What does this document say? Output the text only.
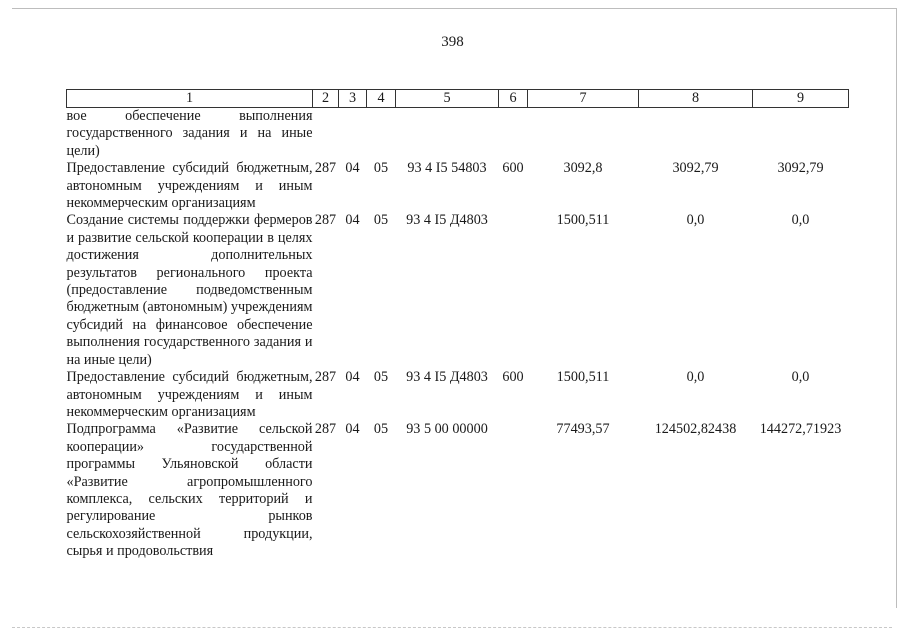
398
1	2	3	4	5	6	7	8	9
вое обеспечение выполнения государственного задания и на иные цели)								
Предоставление субсидий бюджетным, автономным учреждениям и иным некоммерческим организациям	287	04	05	93 4 I5 54803	600	3092,8	3092,79	3092,79
Создание системы поддержки фермеров и развитие сельской кооперации в целях достижения дополнительных результатов регионального проекта (предоставление подведомственным бюджетным (автономным) учреждениям субсидий на финансовое обеспечение выполнения государственного задания и на иные цели)	287	04	05	93 4 I5 Д4803		1500,511	0,0	0,0
Предоставление субсидий бюджетным, автономным учреждениям и иным некоммерческим организациям	287	04	05	93 4 I5 Д4803	600	1500,511	0,0	0,0
Подпрограмма «Развитие сельской кооперации» государственной программы Ульяновской области «Развитие агропромышленного комплекса, сельских территорий и регулирование рынков сельскохозяйственной продукции, сырья и продовольствия	287	04	05	93 5 00 00000		77493,57	124502,82438	144272,71923
